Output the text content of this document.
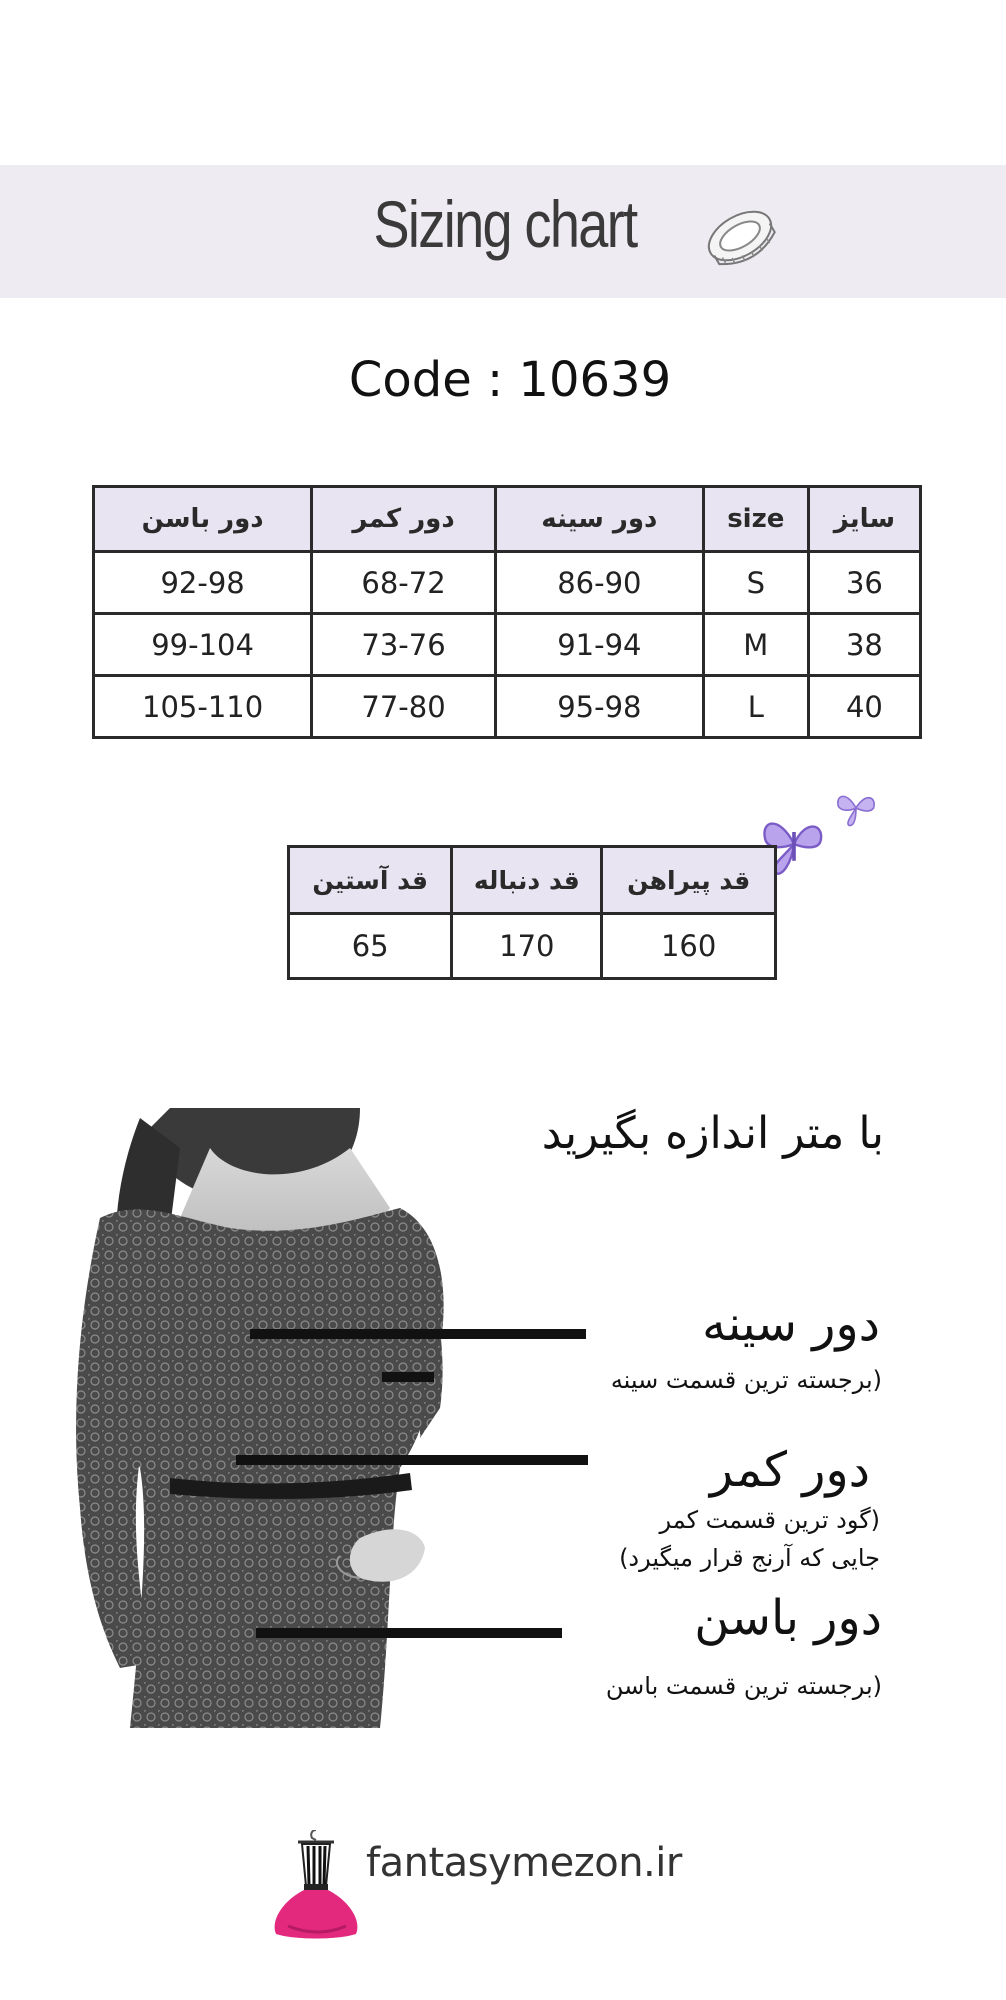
Sizing chart
Code : 10639
دور باسن	دور کمر	دور سینه	size	سایز
92-98	68-72	86-90	S	36
99-104	73-76	91-94	M	38
105-110	77-80	95-98	L	40
قد آستین	قد دنباله	قد پیراهن
65	170	160
با متر اندازه بگیرید
دور سینه
(برجسته ترین قسمت سینه
دور کمر
(گود ترین قسمت کمر
جایی که آرنج قرار میگیرد)
دور باسن
(برجسته ترین قسمت باسن
fantasymezon.ir
